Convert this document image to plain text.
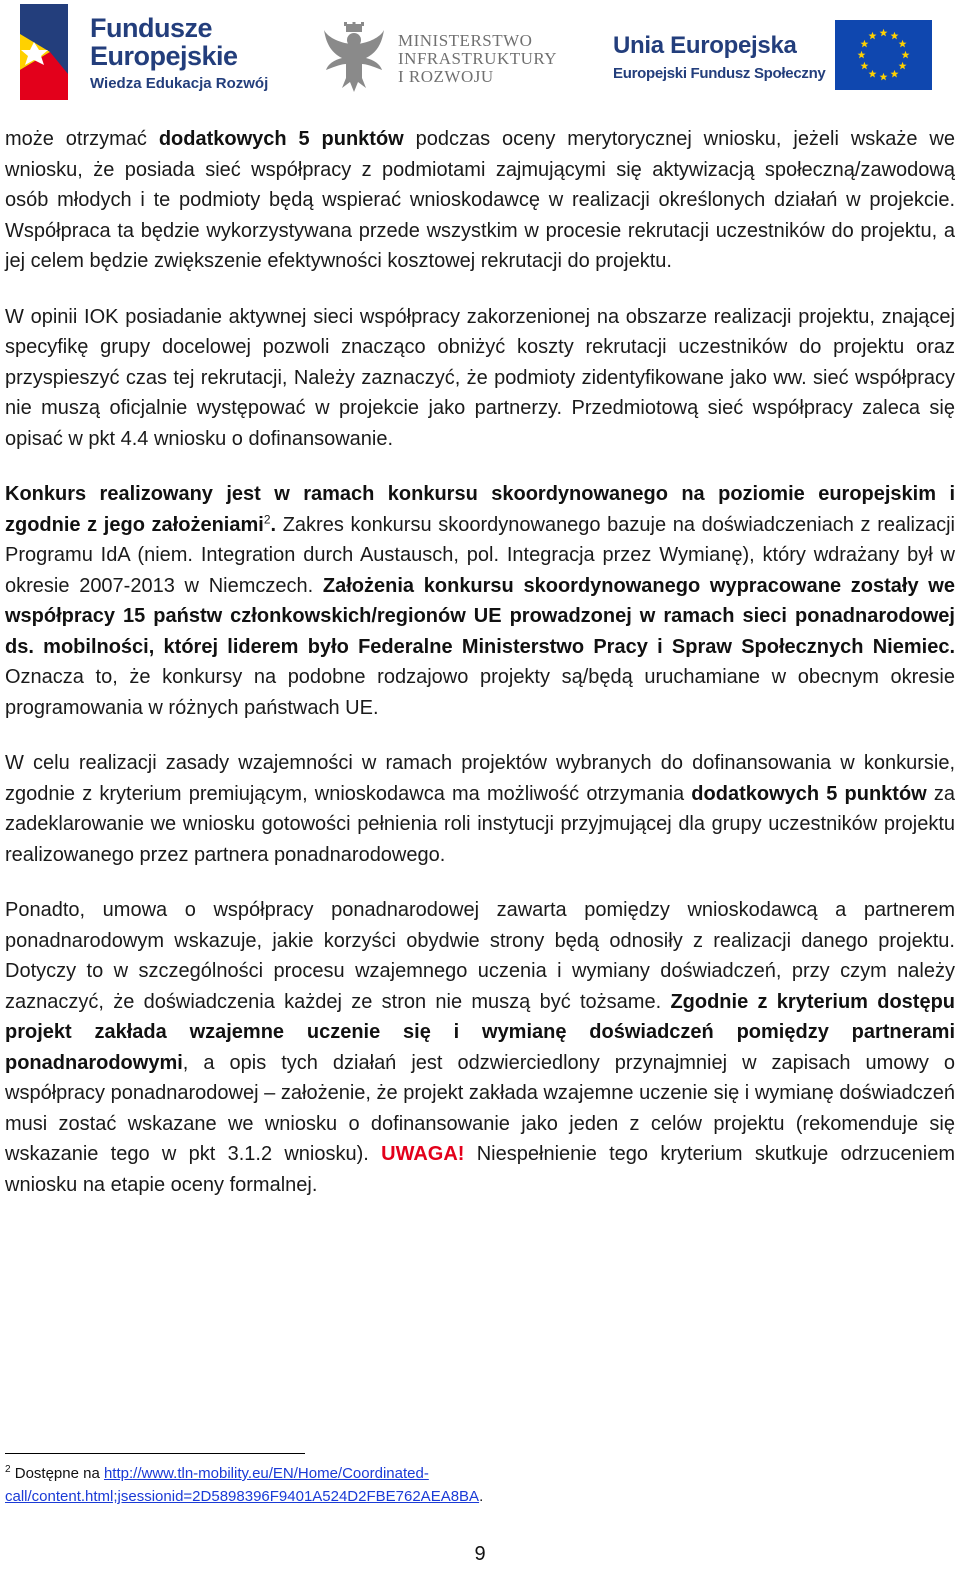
Fundusze
Europejskie
Wiedza Edukacja Rozwój
MINISTERSTWO
INFRASTRUKTURY
I ROZWOJU
Unia Europejska
Europejski Fundusz Społeczny

może otrzymać dodatkowych 5 punktów podczas oceny merytorycznej wniosku, jeżeli wskaże we wniosku, że posiada sieć współpracy z podmiotami zajmującymi się aktywizacją społeczną/zawodową osób młodych i te podmioty będą wspierać wnioskodawcę w realizacji określonych działań w projekcie. Współpraca ta będzie wykorzystywana przede wszystkim w procesie rekrutacji uczestników do projektu, a jej celem będzie zwiększenie efektywności kosztowej rekrutacji do projektu.

W opinii IOK posiadanie aktywnej sieci współpracy zakorzenionej na obszarze realizacji projektu, znającej specyfikę grupy docelowej pozwoli znacząco obniżyć koszty rekrutacji uczestników do projektu oraz przyspieszyć czas tej rekrutacji, Należy zaznaczyć, że podmioty zidentyfikowane jako ww. sieć współpracy nie muszą oficjalnie występować w projekcie jako partnerzy. Przedmiotową sieć współpracy zaleca się opisać w pkt 4.4 wniosku o dofinansowanie.

Konkurs realizowany jest w ramach konkursu skoordynowanego na poziomie europejskim i zgodnie z jego założeniami$^2$. Zakres konkursu skoordynowanego bazuje na doświadczeniach z realizacji Programu IdA (niem. Integration durch Austausch, pol. Integracja przez Wymianę), który wdrażany był w okresie 2007-2013 w Niemczech. Założenia konkursu skoordynowanego wypracowane zostały we współpracy 15 państw członkowskich/regionów UE prowadzonej w ramach sieci ponadnarodowej ds. mobilności, której liderem było Federalne Ministerstwo Pracy i Spraw Społecznych Niemiec. Oznacza to, że konkursy na podobne rodzajowo projekty są/będą uruchamiane w obecnym okresie programowania w różnych państwach UE.

W celu realizacji zasady wzajemności w ramach projektów wybranych do dofinansowania w konkursie, zgodnie z kryterium premiującym, wnioskodawca ma możliwość otrzymania dodatkowych 5 punktów za zadeklarowanie we wniosku gotowości pełnienia roli instytucji przyjmującej dla grupy uczestników projektu realizowanego przez partnera ponadnarodowego.

Ponadto, umowa o współpracy ponadnarodowej zawarta pomiędzy wnioskodawcą a partnerem ponadnarodowym wskazuje, jakie korzyści obydwie strony będą odnosiły z realizacji danego projektu. Dotyczy to w szczególności procesu wzajemnego uczenia i wymiany doświadczeń, przy czym należy zaznaczyć, że doświadczenia każdej ze stron nie muszą być tożsame. Zgodnie z kryterium dostępu projekt zakłada wzajemne uczenie się i wymianę doświadczeń pomiędzy partnerami ponadnarodowymi, a opis tych działań jest odzwierciedlony przynajmniej w zapisach umowy o współpracy ponadnarodowej – założenie, że projekt zakłada wzajemne uczenie się i wymianę doświadczeń musi zostać wskazane we wniosku o dofinansowanie jako jeden z celów projektu (rekomenduje się wskazanie tego w pkt 3.1.2 wniosku). UWAGA! Niespełnienie tego kryterium skutkuje odrzuceniem wniosku na etapie oceny formalnej.

$^2$ Dostępne na http://www.tln-mobility.eu/EN/Home/Coordinated-call/content.html;jsessionid=2D5898396F9401A524D2FBE762AEA8BA.
9
